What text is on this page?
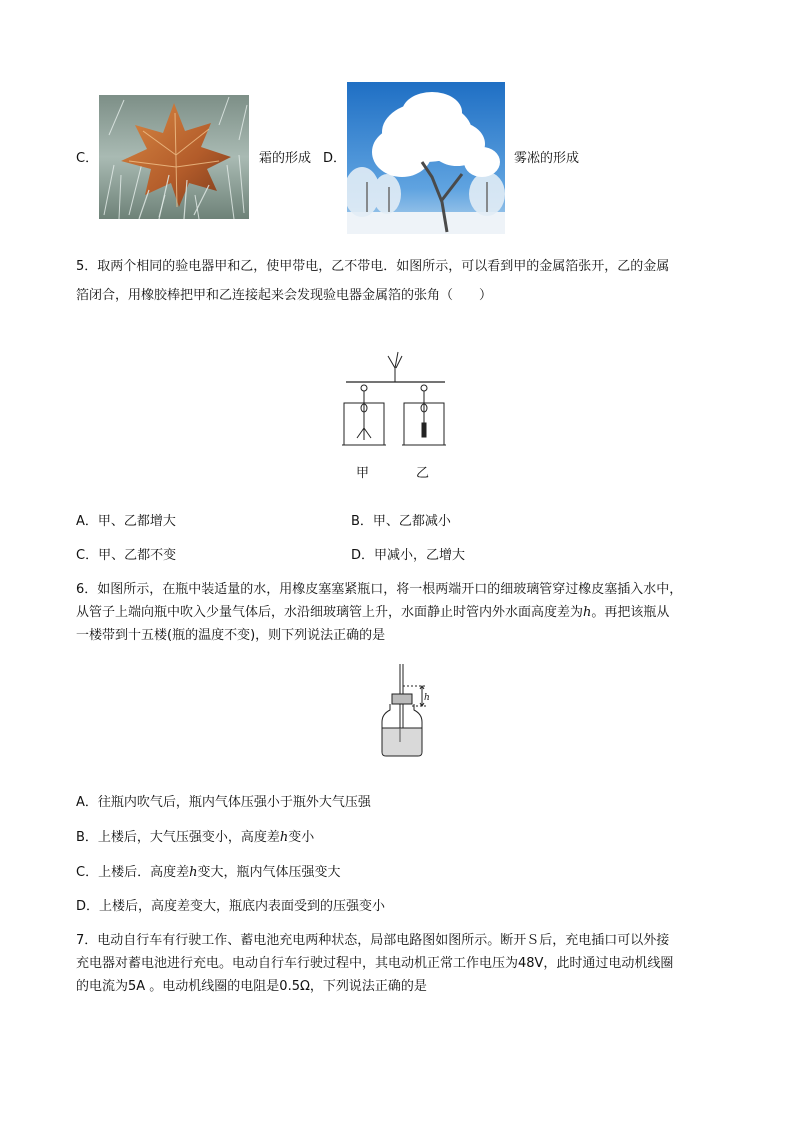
C．	霜的形成 D．	雾凇的形成
5．取两个相同的验电器甲和乙，使甲带电，乙不带电．如图所示，可以看到甲的金属箔张开，乙的金属
箔闭合，用橡胶棒把甲和乙连接起来会发现验电器金属箔的张角（　　）
甲	乙
A．甲、乙都增大	B．甲、乙都减小
C．甲、乙都不变	D．甲减小，乙增大
6．如图所示，在瓶中装适量的水，用橡皮塞塞紧瓶口，将一根两端开口的细玻璃管穿过橡皮塞插入水中，
从管子上端向瓶中吹入少量气体后，水沿细玻璃管上升，水面静止时管内外水面高度差为h。再把该瓶从
一楼带到十五楼(瓶的温度不变)，则下列说法正确的是
h
A．往瓶内吹气后，瓶内气体压强小于瓶外大气压强
B．上楼后，大气压强变小，高度差h变小
C．上楼后．高度差h变大，瓶内气体压强变大
D．上楼后，高度差变大，瓶底内表面受到的压强变小
7．电动自行车有行驶工作、蓄电池充电两种状态，局部电路图如图所示。断开Ｓ后，充电插口可以外接
充电器对蓄电池进行充电。电动自行车行驶过程中，其电动机正常工作电压为48V，此时通过电动机线圈
的电流为5A 。电动机线圈的电阻是0.5Ω，下列说法正确的是
